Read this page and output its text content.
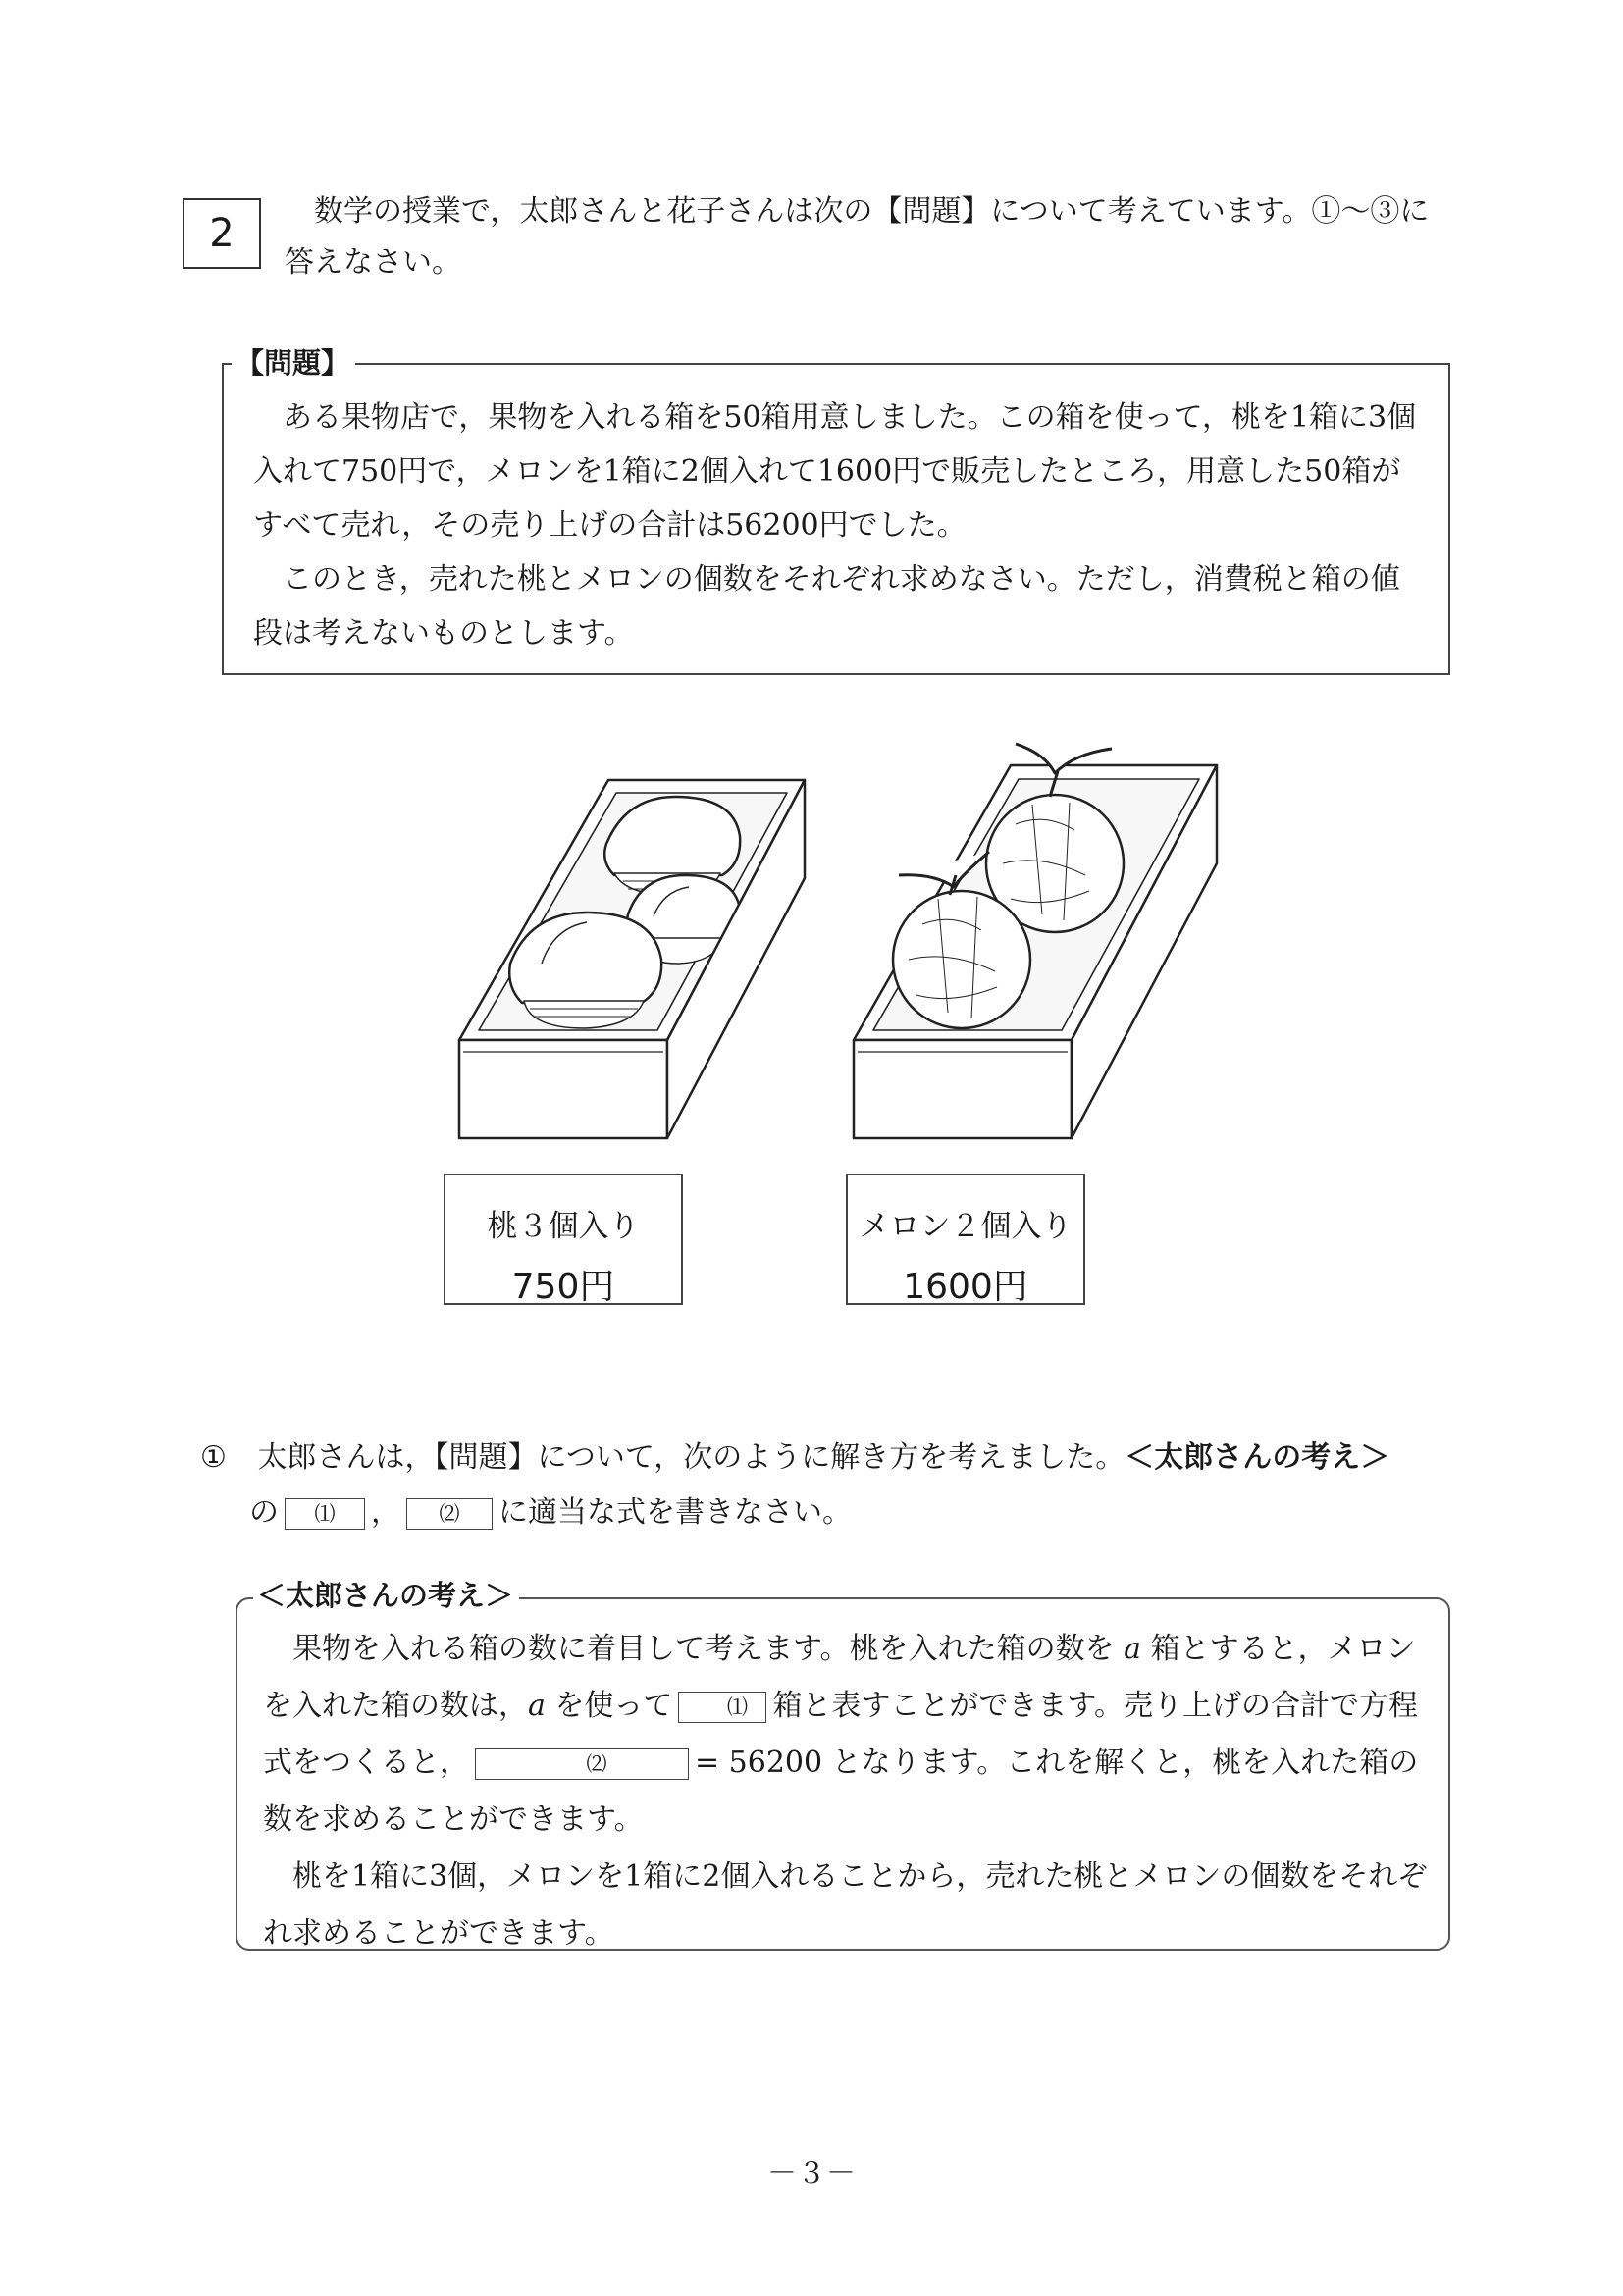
2	数学の授業で，太郎さんと花子さんは次の【問題】について考えています。①～③に答えなさい。
【問題】

ある果物店で，果物を入れる箱を50箱用意しました。この箱を使って，桃を1箱に3個入れて750円で，メロンを1箱に2個入れて1600円で販売したところ，用意した50箱がすべて売れ，その売り上げの合計は56200円でした。

このとき，売れた桃とメロンの個数をそれぞれ求めなさい。ただし，消費税と箱の値段は考えないものとします。

桃３個入り
750円
メロン２個入り
1600円
① 太郎さんは，【問題】について，次のように解き方を考えました。＜太郎さんの考え＞
の ⑴ ， ⑵ に適当な式を書きなさい。
＜太郎さんの考え＞

果物を入れる箱の数に着目して考えます。桃を入れた箱の数を a 箱とすると，メロンを入れた箱の数は，a を使って	⑴ 箱と表すことができます。売り上げの合計で方程式をつくると，	⑵	= 56200 となります。これを解くと，桃を入れた箱の数を求めることができます。

桃を1箱に3個，メロンを1箱に2個入れることから，売れた桃とメロンの個数をそれぞれ求めることができます。

－３－
